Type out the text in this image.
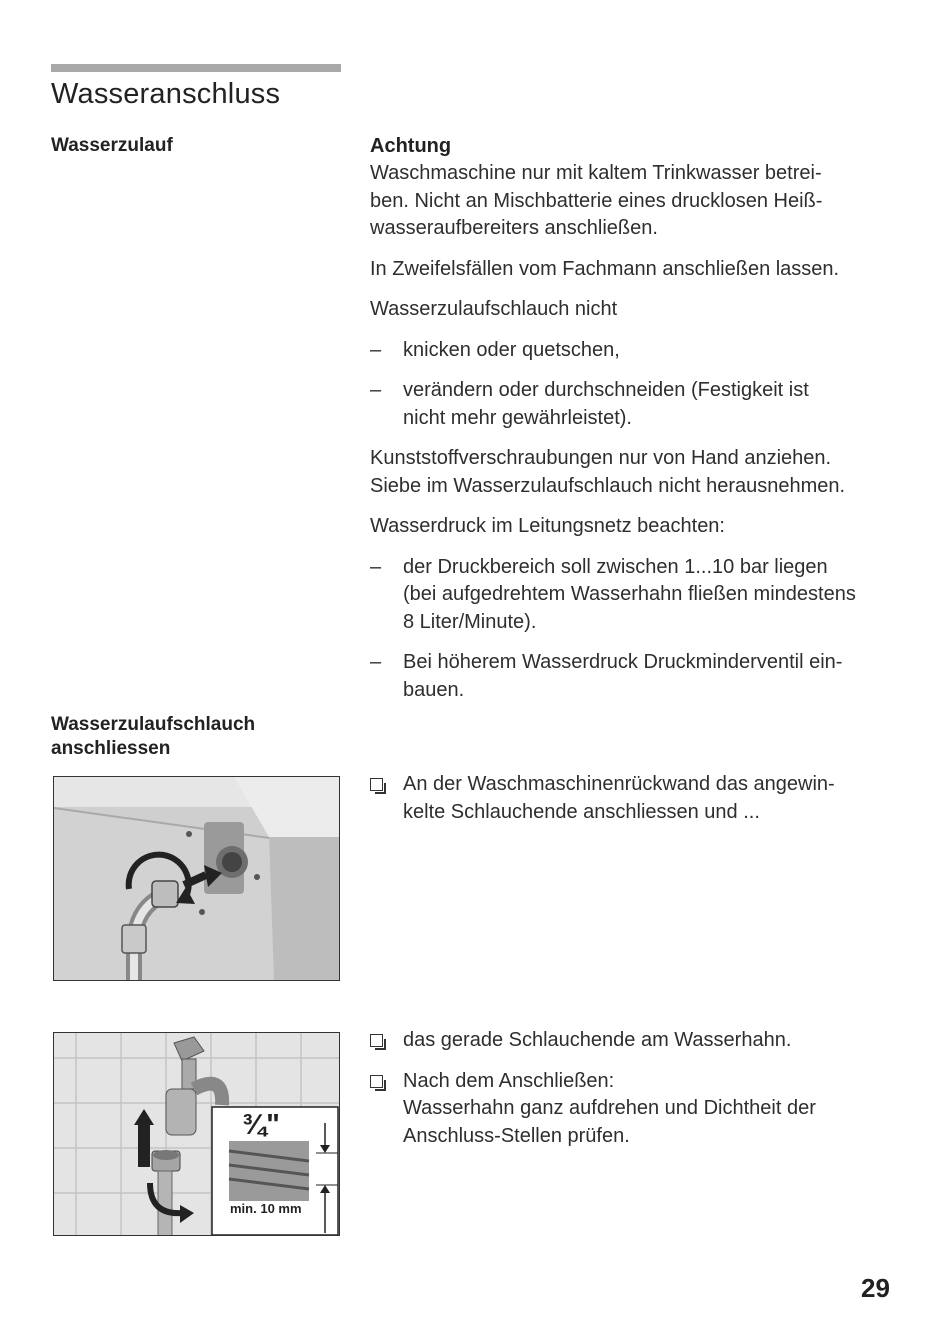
Wasseranschluss
Wasserzulauf	Achtung

Waschmaschine nur mit kaltem Trinkwasser betrei-

ben. Nicht an Mischbatterie eines drucklosen Heiß-

wasseraufbereiters anschließen.

In Zweifelsfällen vom Fachmann anschließen lassen.

Wasserzulaufschlauch nicht

– knicken oder quetschen,

– verändern oder durchschneiden (Festigkeit ist

nicht mehr gewährleistet).

Kunststoffverschraubungen nur von Hand anziehen.

Siebe im Wasserzulaufschlauch nicht herausnehmen.

Wasserdruck im Leitungsnetz beachten:

– der Druckbereich soll zwischen 1...10 bar liegen

(bei aufgedrehtem Wasserhahn fließen mindestens

8 Liter/Minute).

– Bei höherem Wasserdruck Druckminderventil ein-

bauen.

Wasserzulaufschlauch
anschliessen

An der Waschmaschinenrückwand das angewin-

kelte Schlauchende anschliessen und ...

¾"
min. 10 mm

das gerade Schlauchende am Wasserhahn.

Nach dem Anschließen:

Wasserhahn ganz aufdrehen und Dichtheit der

Anschluss-Stellen prüfen.

29
